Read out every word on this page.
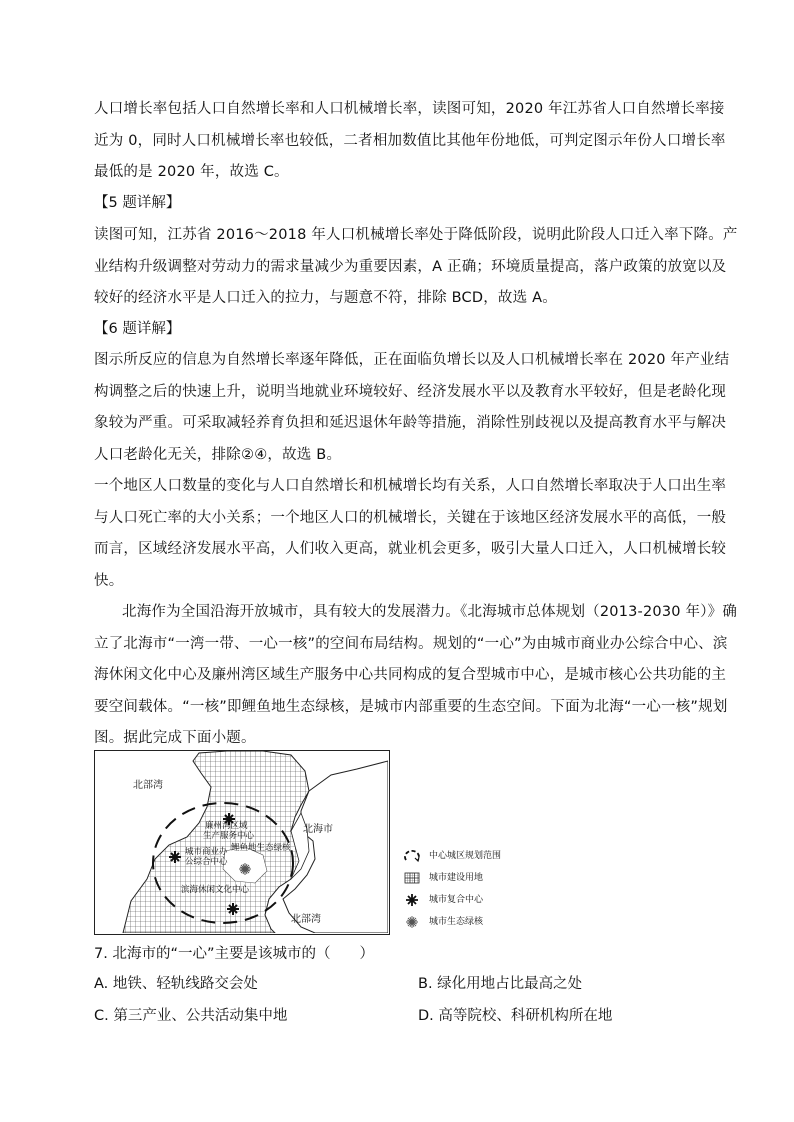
人口增长率包括人口自然增长率和人口机械增长率，读图可知，2020 年江苏省人口自然增长率接
近为 0，同时人口机械增长率也较低，二者相加数值比其他年份地低，可判定图示年份人口增长率
最低的是 2020 年，故选 C。
【5 题详解】
读图可知，江苏省 2016～2018 年人口机械增长率处于降低阶段，说明此阶段人口迁入率下降。产
业结构升级调整对劳动力的需求量减少为重要因素，A 正确；环境质量提高，落户政策的放宽以及
较好的经济水平是人口迁入的拉力，与题意不符，排除 BCD，故选 A。
【6 题详解】
图示所反应的信息为自然增长率逐年降低，正在面临负增长以及人口机械增长率在 2020 年产业结
构调整之后的快速上升，说明当地就业环境较好、经济发展水平以及教育水平较好，但是老龄化现
象较为严重。可采取减轻养育负担和延迟退休年龄等措施，消除性别歧视以及提高教育水平与解决
人口老龄化无关，排除②④，故选 B。
一个地区人口数量的变化与人口自然增长和机械增长均有关系，人口自然增长率取决于人口出生率
与人口死亡率的大小关系；一个地区人口的机械增长，关键在于该地区经济发展水平的高低，一般
而言，区域经济发展水平高，人们收入更高，就业机会更多，吸引大量人口迁入，人口机械增长较
快。
北海作为全国沿海开放城市，具有较大的发展潜力。《北海城市总体规划（2013-2030 年）》确
立了北海市“一湾一带、一心一核”的空间布局结构。规划的“一心”为由城市商业办公综合中心、滨
海休闲文化中心及廉州湾区域生产服务中心共同构成的复合型城市中心，是城市核心公共功能的主
要空间载体。“一核”即鲤鱼地生态绿核，是城市内部重要的生态空间。下面为北海“一心一核”规划
图。据此完成下面小题。
北部湾
北海市
廉州湾区域
生产服务中心
城市商业办
公综合中心
鲤鱼地生态绿核
滨海休闲文化中心
北部湾
中心城区规划范围
城市建设用地
城市复合中心
城市生态绿核
7. 北海市的“一心”主要是该城市的（　　）
A. 地铁、轻轨线路交会处	B. 绿化用地占比最高之处
C. 第三产业、公共活动集中地	D. 高等院校、科研机构所在地
